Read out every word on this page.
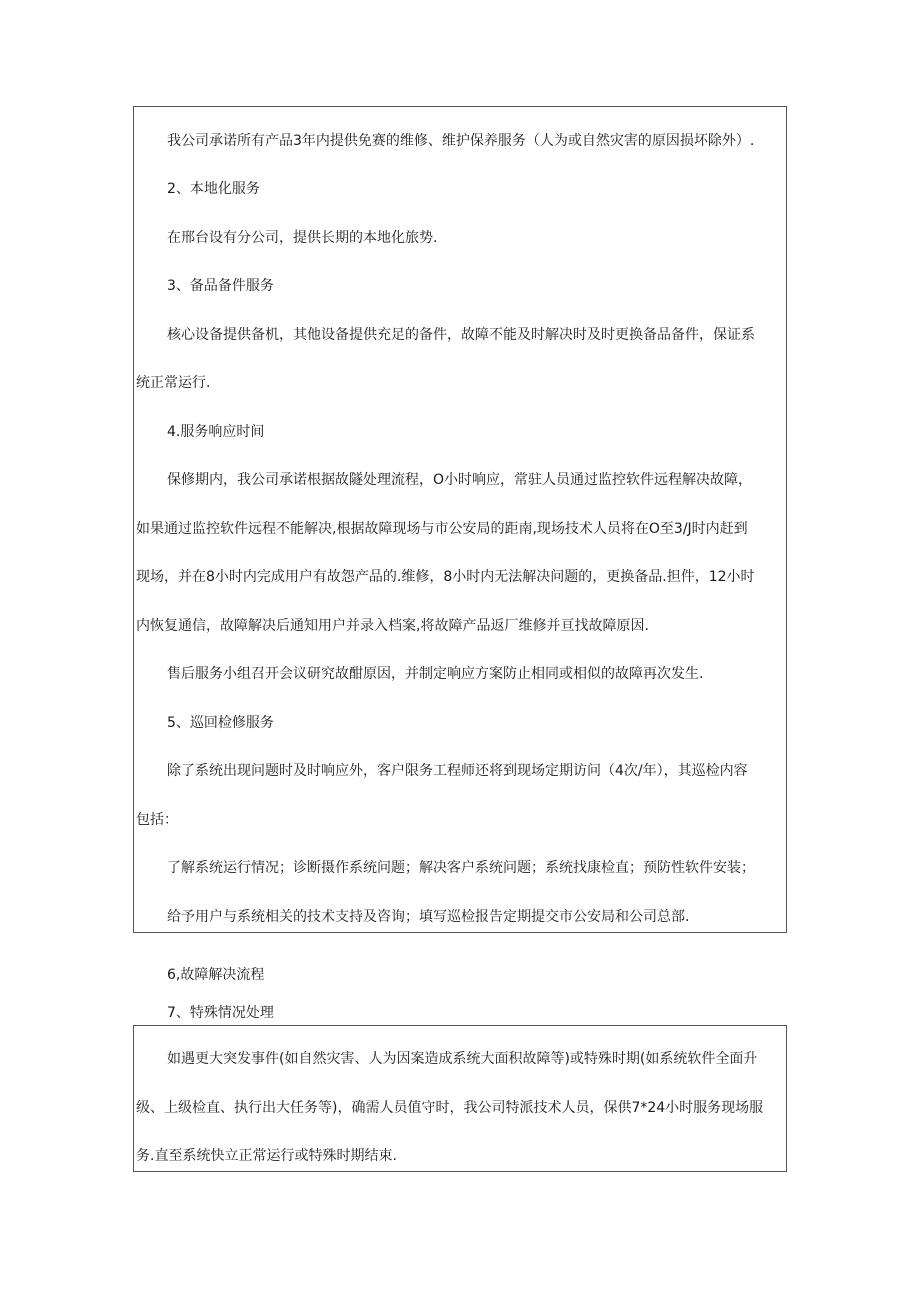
我公司承诺所有产品3年内提供免赛的维修、维护保养服务（人为或自然灾害的原因损坏除外）.
2、本地化服务
在邢台设有分公司，提供长期的本地化旅势.
3、备品备件服务
核心设备提供备机，其他设备提供充足的备件，故障不能及时解决时及时更换备品备件，保证系
统正常运行.
4.服务响应时间
保修期内，我公司承诺根据故隧处理流程，O小时响应，常驻人员通过监控软件远程解决故障，
如果通过监控软件远程不能解决,根据故障现场与市公安局的距南,现场技术人员将在O至3/J时内赶到
现场，并在8小时内完成用户有故怨产品的.维修，8小时内无法解决问题的，更换备品.担件，12小时
内恢复通信，故障解决后通知用户并录入档案,将故障产品返厂维修并亘找故障原因.
售后服务小组召开会议研究故酣原因，并制定响应方案防止相同或相似的故障再次发生.
5、巡回检修服务
除了系统出现问题时及时响应外，客户限务工程师还将到现场定期访问（4次/年），其巡检内容
包括：
了解系统运行情况；诊断摄作系统问题；解决客户系统问题；系统找康检直；预防性软件安装；
给予用户与系统相关的技术支持及咨询；填写巡检报告定期提交市公安局和公司总部.
6,故障解决流程
7、特殊情况处理
如遇更大突发事件(如自然灾害、人为因案造成系统大面积故障等)或特殊时期(如系统软件全面升
级、上级检直、执行出大任务等)，确需人员值守时，我公司特派技术人员，保供7*24小时服务现场服
务.直至系统快立正常运行或特殊时期结束.
